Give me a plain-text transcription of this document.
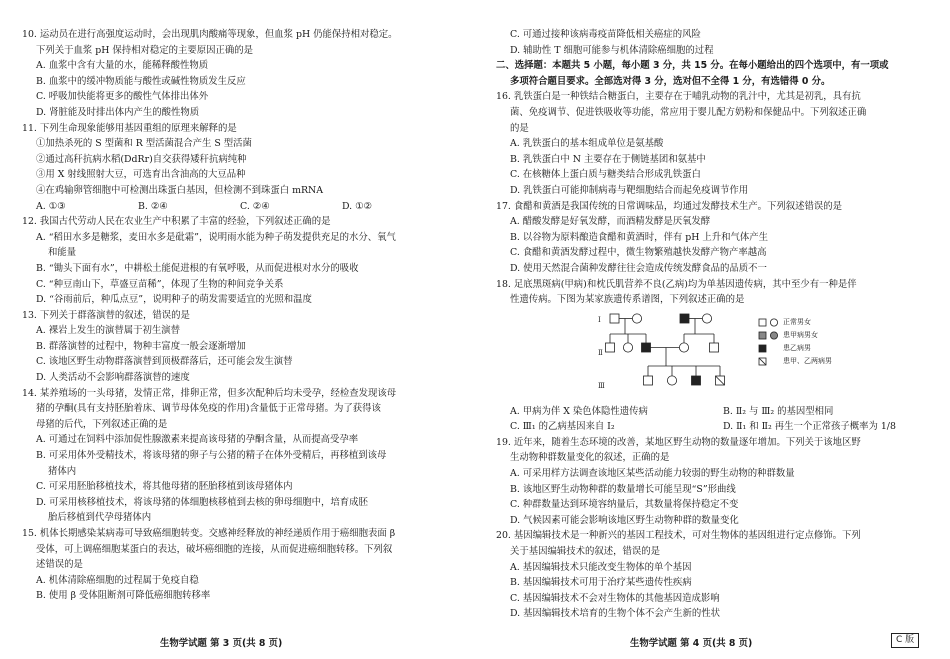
10. 运动员在进行高强度运动时，会出现肌肉酸痛等现象，但血浆 pH 仍能保持相对稳定。
下列关于血浆 pH 保持相对稳定的主要原因正确的是
A. 血浆中含有大量的水，能稀释酸性物质
B. 血浆中的缓冲物质能与酸性或碱性物质发生反应
C. 呼吸加快能将更多的酸性气体排出体外
D. 肾脏能及时排出体内产生的酸性物质
11. 下列生命现象能够用基因重组的原理来解释的是
①加热杀死的 S 型菌和 R 型活菌混合产生 S 型活菌
②通过高秆抗病水稻(DdRr)自交获得矮秆抗病纯种
③用 X 射线照射大豆，可选育出含油高的大豆品种
④在鸡输卵管细胞中可检测出珠蛋白基因，但检测不到珠蛋白 mRNA
A. ①③	B. ②④	C. ②④	D. ①②
12. 我国古代劳动人民在农业生产中积累了丰富的经验，下列叙述正确的是
A. “稻田水多是糖浆，麦田水多是砒霜”，说明雨水能为种子萌发提供充足的水分、氧气
和能量
B. “锄头下面有水”，中耕松土能促进根的有氧呼吸，从而促进根对水分的吸收
C. “种豆南山下，草盛豆苗稀”，体现了生物的种间竞争关系
D. “谷雨前后，种瓜点豆”，说明种子的萌发需要适宜的光照和温度
13. 下列关于群落演替的叙述，错误的是
A. 裸岩上发生的演替属于初生演替
B. 群落演替的过程中，物种丰富度一般会逐渐增加
C. 该地区野生动物群落演替到顶极群落后，还可能会发生演替
D. 人类活动不会影响群落演替的速度
14. 某养殖场的一头母猪，发情正常，排卵正常，但多次配种后均未受孕，经检查发现该母
猪的孕酮(具有支持胚胎着床、调节母体免疫的作用)含量低于正常母猪。为了获得该
母猪的后代，下列叙述正确的是
A. 可通过在饲料中添加促性腺激素来提高该母猪的孕酮含量，从而提高受孕率
B. 可采用体外受精技术，将该母猪的卵子与公猪的精子在体外受精后，再移植到该母
猪体内
C. 可采用胚胎移植技术，将其他母猪的胚胎移植到该母猪体内
D. 可采用核移植技术，将该母猪的体细胞核移植到去核的卵母细胞中，培育成胚
胎后移植到代孕母猪体内
15. 机体长期感染某病毒可导致癌细胞转变。交感神经释放的神经递质作用于癌细胞表面 β
受体，可上调癌细胞某蛋白的表达，破坏癌细胞的连接，从而促进癌细胞转移。下列叙
述错误的是
A. 机体清除癌细胞的过程属于免疫自稳
B. 使用 β 受体阻断剂可降低癌细胞转移率
C. 可通过接种该病毒疫苗降低相关癌症的风险
D. 辅助性 T 细胞可能参与机体清除癌细胞的过程
二、选择题：本题共 5 小题，每小题 3 分，共 15 分。在每小题给出的四个选项中，有一项或
多项符合题目要求。全部选对得 3 分，选对但不全得 1 分，有选错得 0 分。
16. 乳铁蛋白是一种铁结合糖蛋白，主要存在于哺乳动物的乳汁中，尤其是初乳，具有抗
菌、免疫调节、促进铁吸收等功能，常应用于婴儿配方奶粉和保健品中。下列叙述正确
的是
A. 乳铁蛋白的基本组成单位是氨基酸
B. 乳铁蛋白中 N 主要存在于侧链基团和氨基中
C. 在核糖体上蛋白质与糖类结合形成乳铁蛋白
D. 乳铁蛋白可能抑制病毒与靶细胞结合而起免疫调节作用
17. 食醋和黄酒是我国传统的日常调味品，均通过发酵技术生产。下列叙述错误的是
A. 醋酸发酵是好氧发酵，而酒精发酵是厌氧发酵
B. 以谷物为原料酿造食醋和黄酒时，伴有 pH 上升和气体产生
C. 食醋和黄酒发酵过程中，微生物繁殖越快发酵产物产率越高
D. 使用天然混合菌种发酵往往会造成传统发酵食品的品质不一
18. 足底黑斑病(甲病)和枕氏肌营养不良(乙病)均为单基因遗传病，其中至少有一种是伴
性遗传病。下图为某家族遗传系谱图，下列叙述正确的是
Ⅰ
Ⅱ
Ⅲ
正常男女
患甲病男女
患乙病男
患甲、乙两病男
A. 甲病为伴 X 染色体隐性遗传病	B. Ⅱ₂ 与 Ⅲ₂ 的基因型相同
C. Ⅲ₁ 的乙病基因来自 Ⅰ₂	D. Ⅱ₁ 和 Ⅱ₂ 再生一个正常孩子概率为 1/8
19. 近年来，随着生态环境的改善，某地区野生动物的数量逐年增加。下列关于该地区野
生动物种群数量变化的叙述，正确的是
A. 可采用样方法调查该地区某些活动能力较弱的野生动物的种群数量
B. 该地区野生动物种群的数量增长可能呈现“S”形曲线
C. 种群数量达到环境容纳量后，其数量将保持稳定不变
D. 气候因素可能会影响该地区野生动物种群的数量变化
20. 基因编辑技术是一种新兴的基因工程技术，可对生物体的基因组进行定点修饰。下列
关于基因编辑技术的叙述，错误的是
A. 基因编辑技术只能改变生物体的单个基因
B. 基因编辑技术可用于治疗某些遗传性疾病
C. 基因编辑技术不会对生物体的其他基因造成影响
D. 基因编辑技术培育的生物个体不会产生新的性状
生物学试题 第 3 页(共 8 页)	生物学试题 第 4 页(共 8 页)	C 版
